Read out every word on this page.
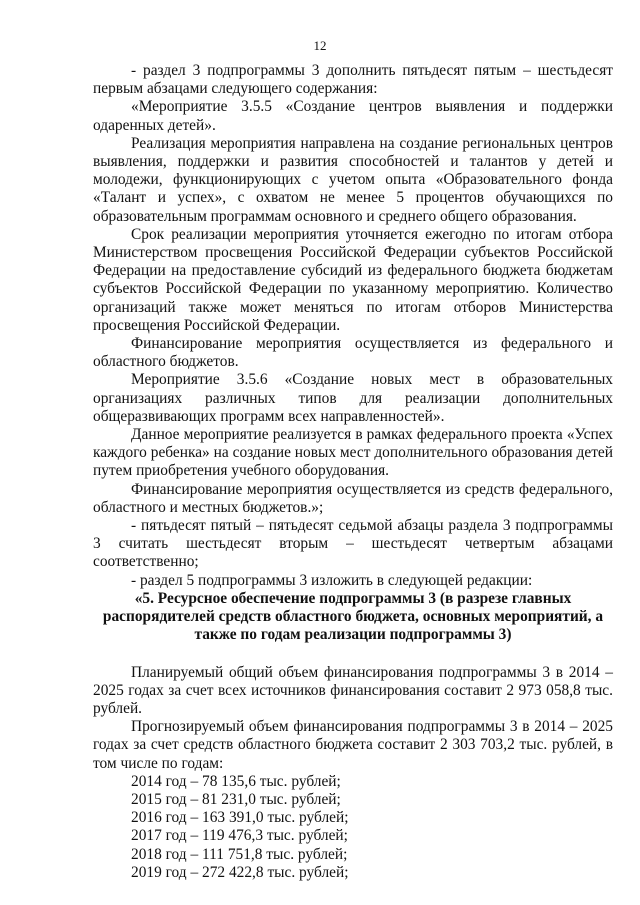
12

- раздел 3 подпрограммы 3 дополнить пятьдесят пятым – шестьдесят первым абзацами следующего содержания:

«Мероприятие 3.5.5 «Создание центров выявления и поддержки одаренных детей».

Реализация мероприятия направлена на создание региональных центров выявления, поддержки и развития способностей и талантов у детей и молодежи, функционирующих с учетом опыта «Образовательного фонда «Талант и успех», с охватом не менее 5 процентов обучающихся по образовательным программам основного и среднего общего образования.

Срок реализации мероприятия уточняется ежегодно по итогам отбора Министерством просвещения Российской Федерации субъектов Российской Федерации на предоставление субсидий из федерального бюджета бюджетам субъектов Российской Федерации по указанному мероприятию. Количество организаций также может меняться по итогам отборов Министерства просвещения Российской Федерации.

Финансирование мероприятия осуществляется из федерального и областного бюджетов.

Мероприятие 3.5.6 «Создание новых мест в образовательных организациях различных типов для реализации дополнительных общеразвивающих программ всех направленностей».

Данное мероприятие реализуется в рамках федерального проекта «Успех каждого ребенка» на создание новых мест дополнительного образования детей путем приобретения учебного оборудования.

Финансирование мероприятия осуществляется из средств федерального, областного и местных бюджетов.»;

- пятьдесят пятый – пятьдесят седьмой абзацы раздела 3 подпрограммы 3 считать шестьдесят вторым – шестьдесят четвертым абзацами соответственно;

- раздел 5 подпрограммы 3 изложить в следующей редакции:

«5. Ресурсное обеспечение подпрограммы 3 (в разрезе главных распорядителей средств областного бюджета, основных мероприятий, а также по годам реализации подпрограммы 3)

Планируемый общий объем финансирования подпрограммы 3 в 2014 – 2025 годах за счет всех источников финансирования составит 2 973 058,8 тыс. рублей.

Прогнозируемый объем финансирования подпрограммы 3 в 2014 – 2025 годах за счет средств областного бюджета составит 2 303 703,2 тыс. рублей, в том числе по годам:

2014 год – 78 135,6 тыс. рублей;
2015 год – 81 231,0 тыс. рублей;
2016 год – 163 391,0 тыс. рублей;
2017 год – 119 476,3 тыс. рублей;
2018 год – 111 751,8 тыс. рублей;
2019 год – 272 422,8 тыс. рублей;
